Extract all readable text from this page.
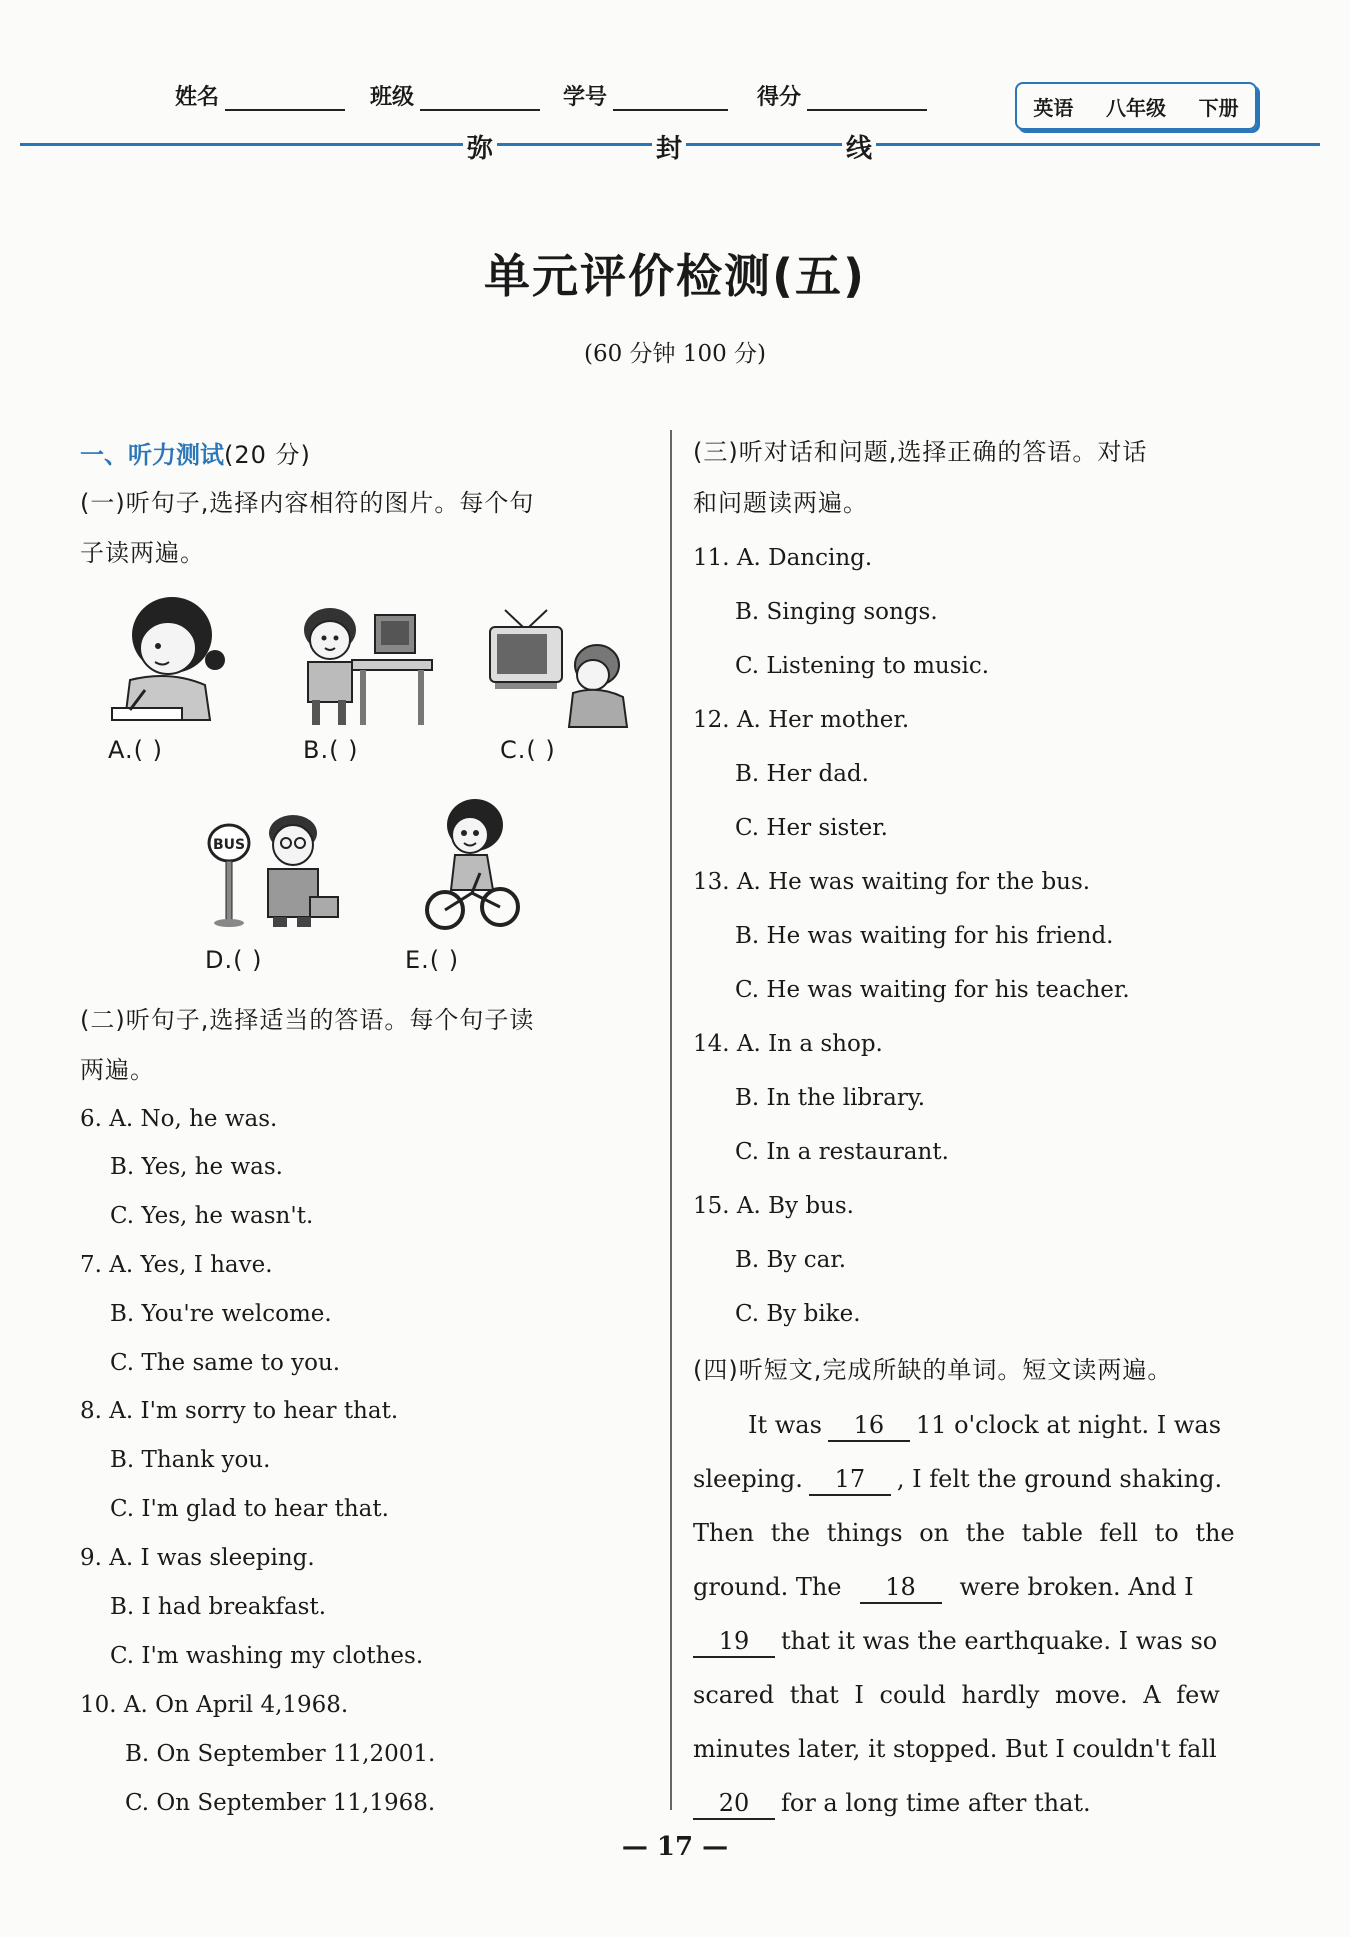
姓名	班级	学号	得分	英语 八年级 下册
弥	封	线
单元评价检测(五)
(60 分钟 100 分)
一、听力测试(20 分)
(一)听句子,选择内容相符的图片。每个句
子读两遍。
A.( )	B.( )	C.( )
BUS
D.( )	E.( )
(二)听句子,选择适当的答语。每个句子读
两遍。
6. A. No, he was.
B. Yes, he was.
C. Yes, he wasn't.
7. A. Yes, I have.
B. You're welcome.
C. The same to you.
8. A. I'm sorry to hear that.
B. Thank you.
C. I'm glad to hear that.
9. A. I was sleeping.
B. I had breakfast.
C. I'm washing my clothes.
10. A. On April 4,1968.
B. On September 11,2001.
C. On September 11,1968.
(三)听对话和问题,选择正确的答语。对话
和问题读两遍。
11. A. Dancing.
B. Singing songs.
C. Listening to music.
12. A. Her mother.
B. Her dad.
C. Her sister.
13. A. He was waiting for the bus.
B. He was waiting for his friend.
C. He was waiting for his teacher.
14. A. In a shop.
B. In the library.
C. In a restaurant.
15. A. By bus.
B. By car.
C. By bike.
(四)听短文,完成所缺的单词。短文读两遍。
It was 16 11 o'clock at night. I was
sleeping. 17 , I felt the ground shaking.
Then the things on the table fell to the
ground. The 18 were broken. And I
19 that it was the earthquake. I was so
scared that I could hardly move. A few
minutes later, it stopped. But I couldn't fall
20 for a long time after that.
— 17 —
